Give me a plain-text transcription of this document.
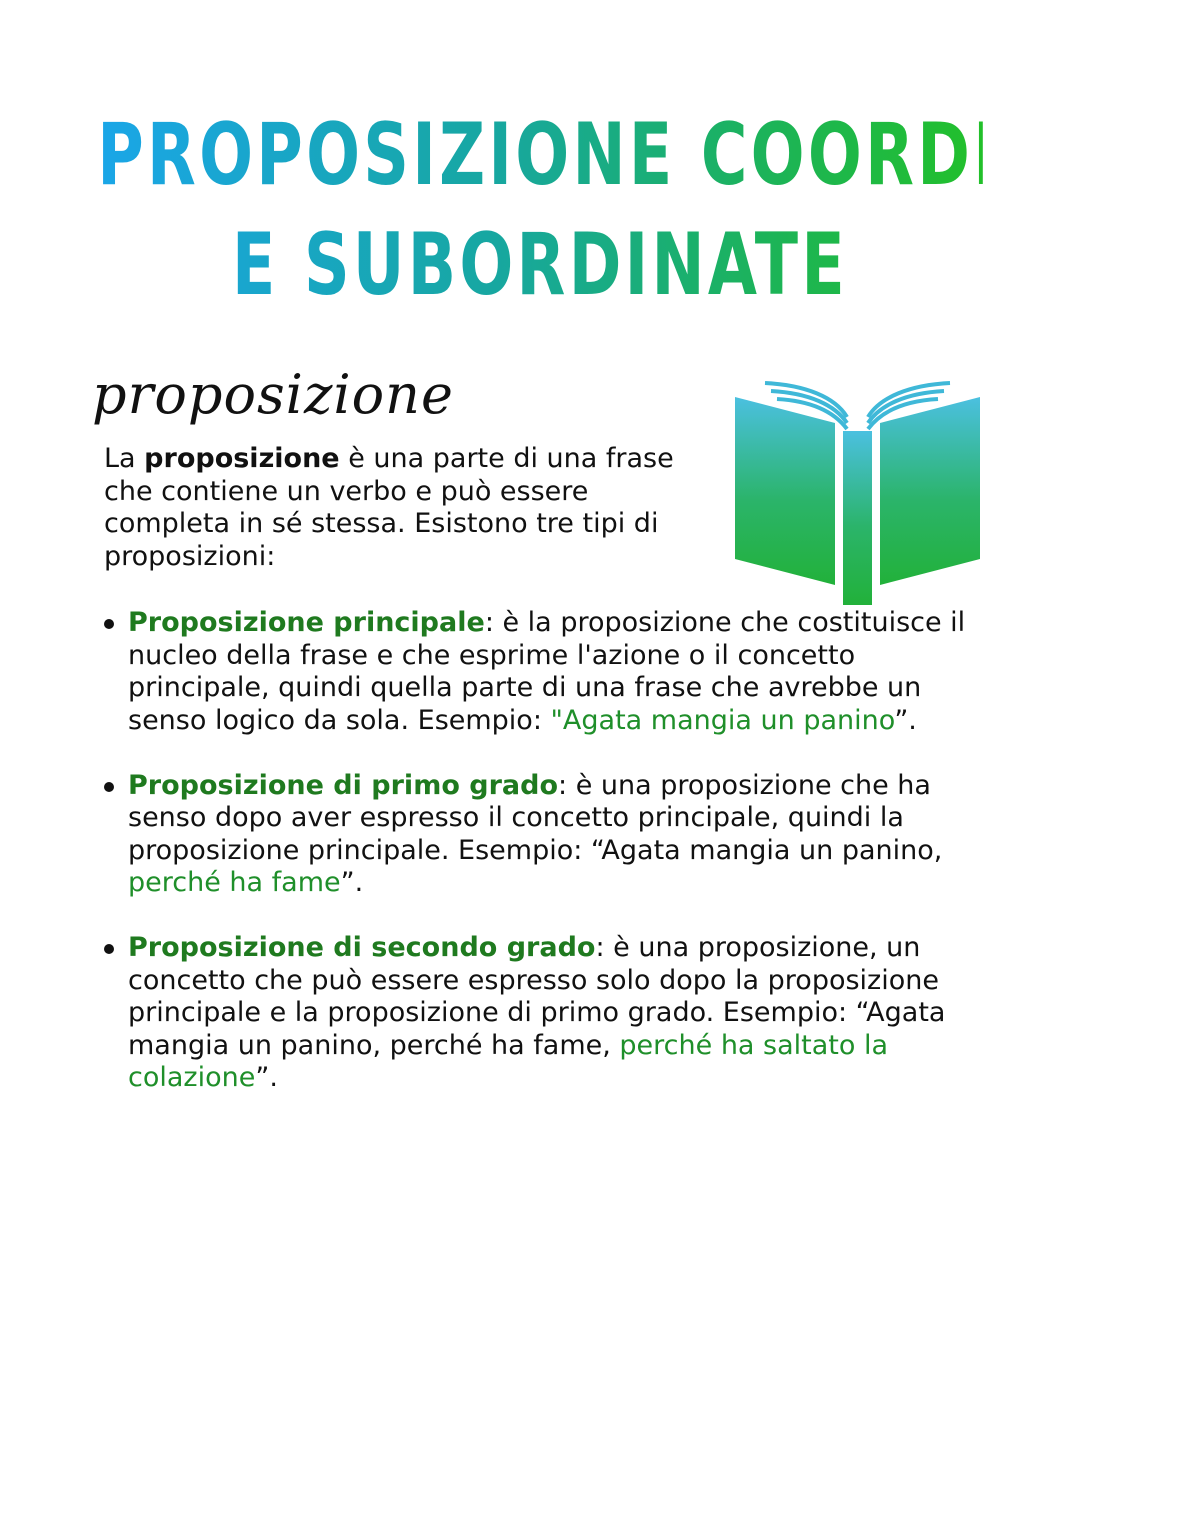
PROPOSIZIONE COORDINATE
E SUBORDINATE
proposizione
La proposizione è una parte di una frase che contiene un verbo e può essere completa in sé stessa. Esistono tre tipi di proposizioni:
Proposizione principale: è la proposizione che costituisce il nucleo della frase e che esprime l'azione o il concetto principale, quindi quella parte di una frase che avrebbe un senso logico da sola. Esempio: "Agata mangia un panino”.
Proposizione di primo grado: è una proposizione che ha senso dopo aver espresso il concetto principale, quindi la proposizione principale. Esempio: “Agata mangia un panino, perché ha fame”.
Proposizione di secondo grado: è una proposizione, un concetto che può essere espresso solo dopo la proposizione principale e la proposizione di primo grado. Esempio: “Agata mangia un panino, perché ha fame, perché ha saltato la colazione”.
